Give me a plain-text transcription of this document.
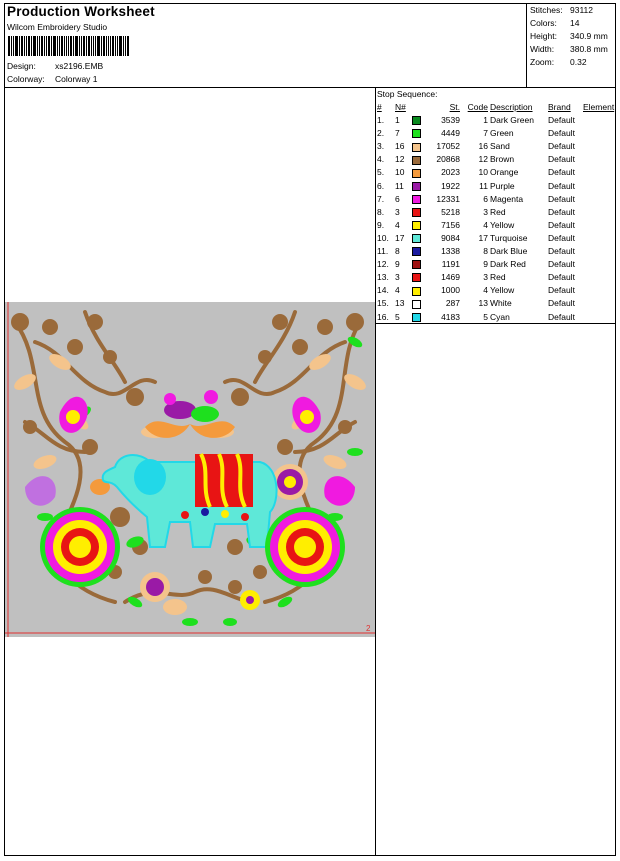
Production Worksheet
Wilcom Embroidery Studio
Design: xs2196.EMB
Colorway: Colorway 1
Stitches: 93112
Colors: 14
Height: 340.9 mm
Width: 380.8 mm
Zoom: 0.32
Stop Sequence:
#	N#		St.	Code	Description	Brand	Element
1.	1		3539	1	Dark Green	Default	
2.	7		4449	7	Green	Default	
3.	16		17052	16	Sand	Default	
4.	12		20868	12	Brown	Default	
5.	10		2023	10	Orange	Default	
6.	11		1922	11	Purple	Default	
7.	6		12331	6	Magenta	Default	
8.	3		5218	3	Red	Default	
9.	4		7156	4	Yellow	Default	
10.	17		9084	17	Turquoise	Default	
11.	8		1338	8	Dark Blue	Default	
12.	9		1191	9	Dark Red	Default	
13.	3		1469	3	Red	Default	
14.	4		1000	4	Yellow	Default	
15.	13		287	13	White	Default	
16.	5		4183	5	Cyan	Default	
2
